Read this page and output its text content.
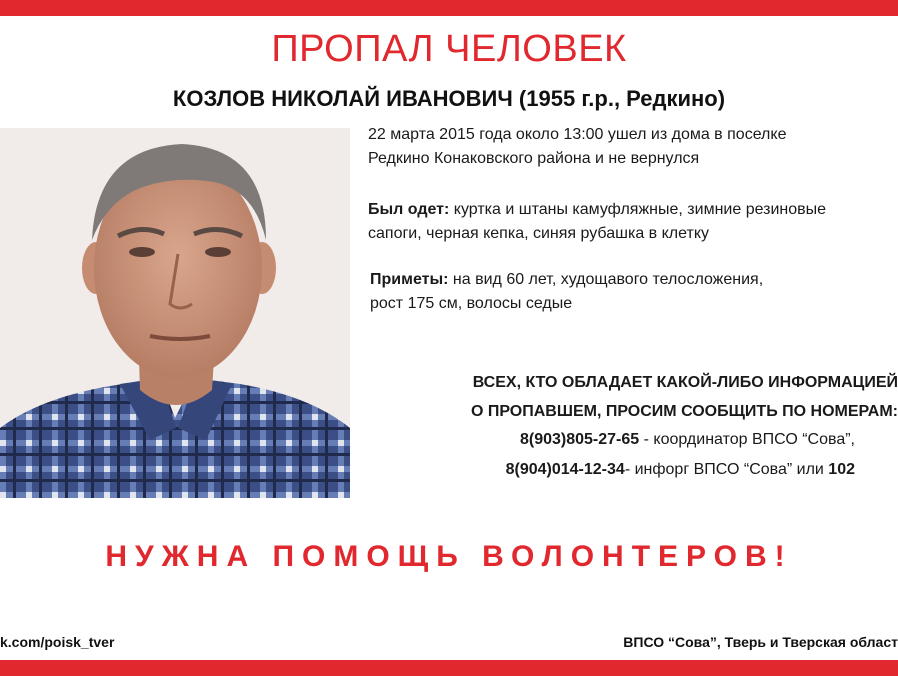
ПРОПАЛ ЧЕЛОВЕК
КОЗЛОВ НИКОЛАЙ ИВАНОВИЧ (1955 г.р., Редкино)
22 марта 2015 года около 13:00 ушел из дома в поселке
Редкино Конаковского района и не вернулся
Был одет: куртка и штаны камуфляжные, зимние резиновые
сапоги, черная кепка, синяя рубашка в клетку
Приметы: на вид 60 лет, худощавого телосложения,
рост 175 см, волосы седые
ВСЕХ, КТО ОБЛАДАЕТ КАКОЙ-ЛИБО ИНФОРМАЦИЕЙ
О ПРОПАВШЕМ, ПРОСИМ СООБЩИТЬ ПО НОМЕРАМ:
8(903)805-27-65 - координатор ВПСО “Сова”,
8(904)014-12-34- инфорг ВПСО “Сова” или 102
НУЖНА ПОМОЩЬ ВОЛОНТЕРОВ!
k.com/poisk_tver	ВПСО “Сова”, Тверь и Тверская област
